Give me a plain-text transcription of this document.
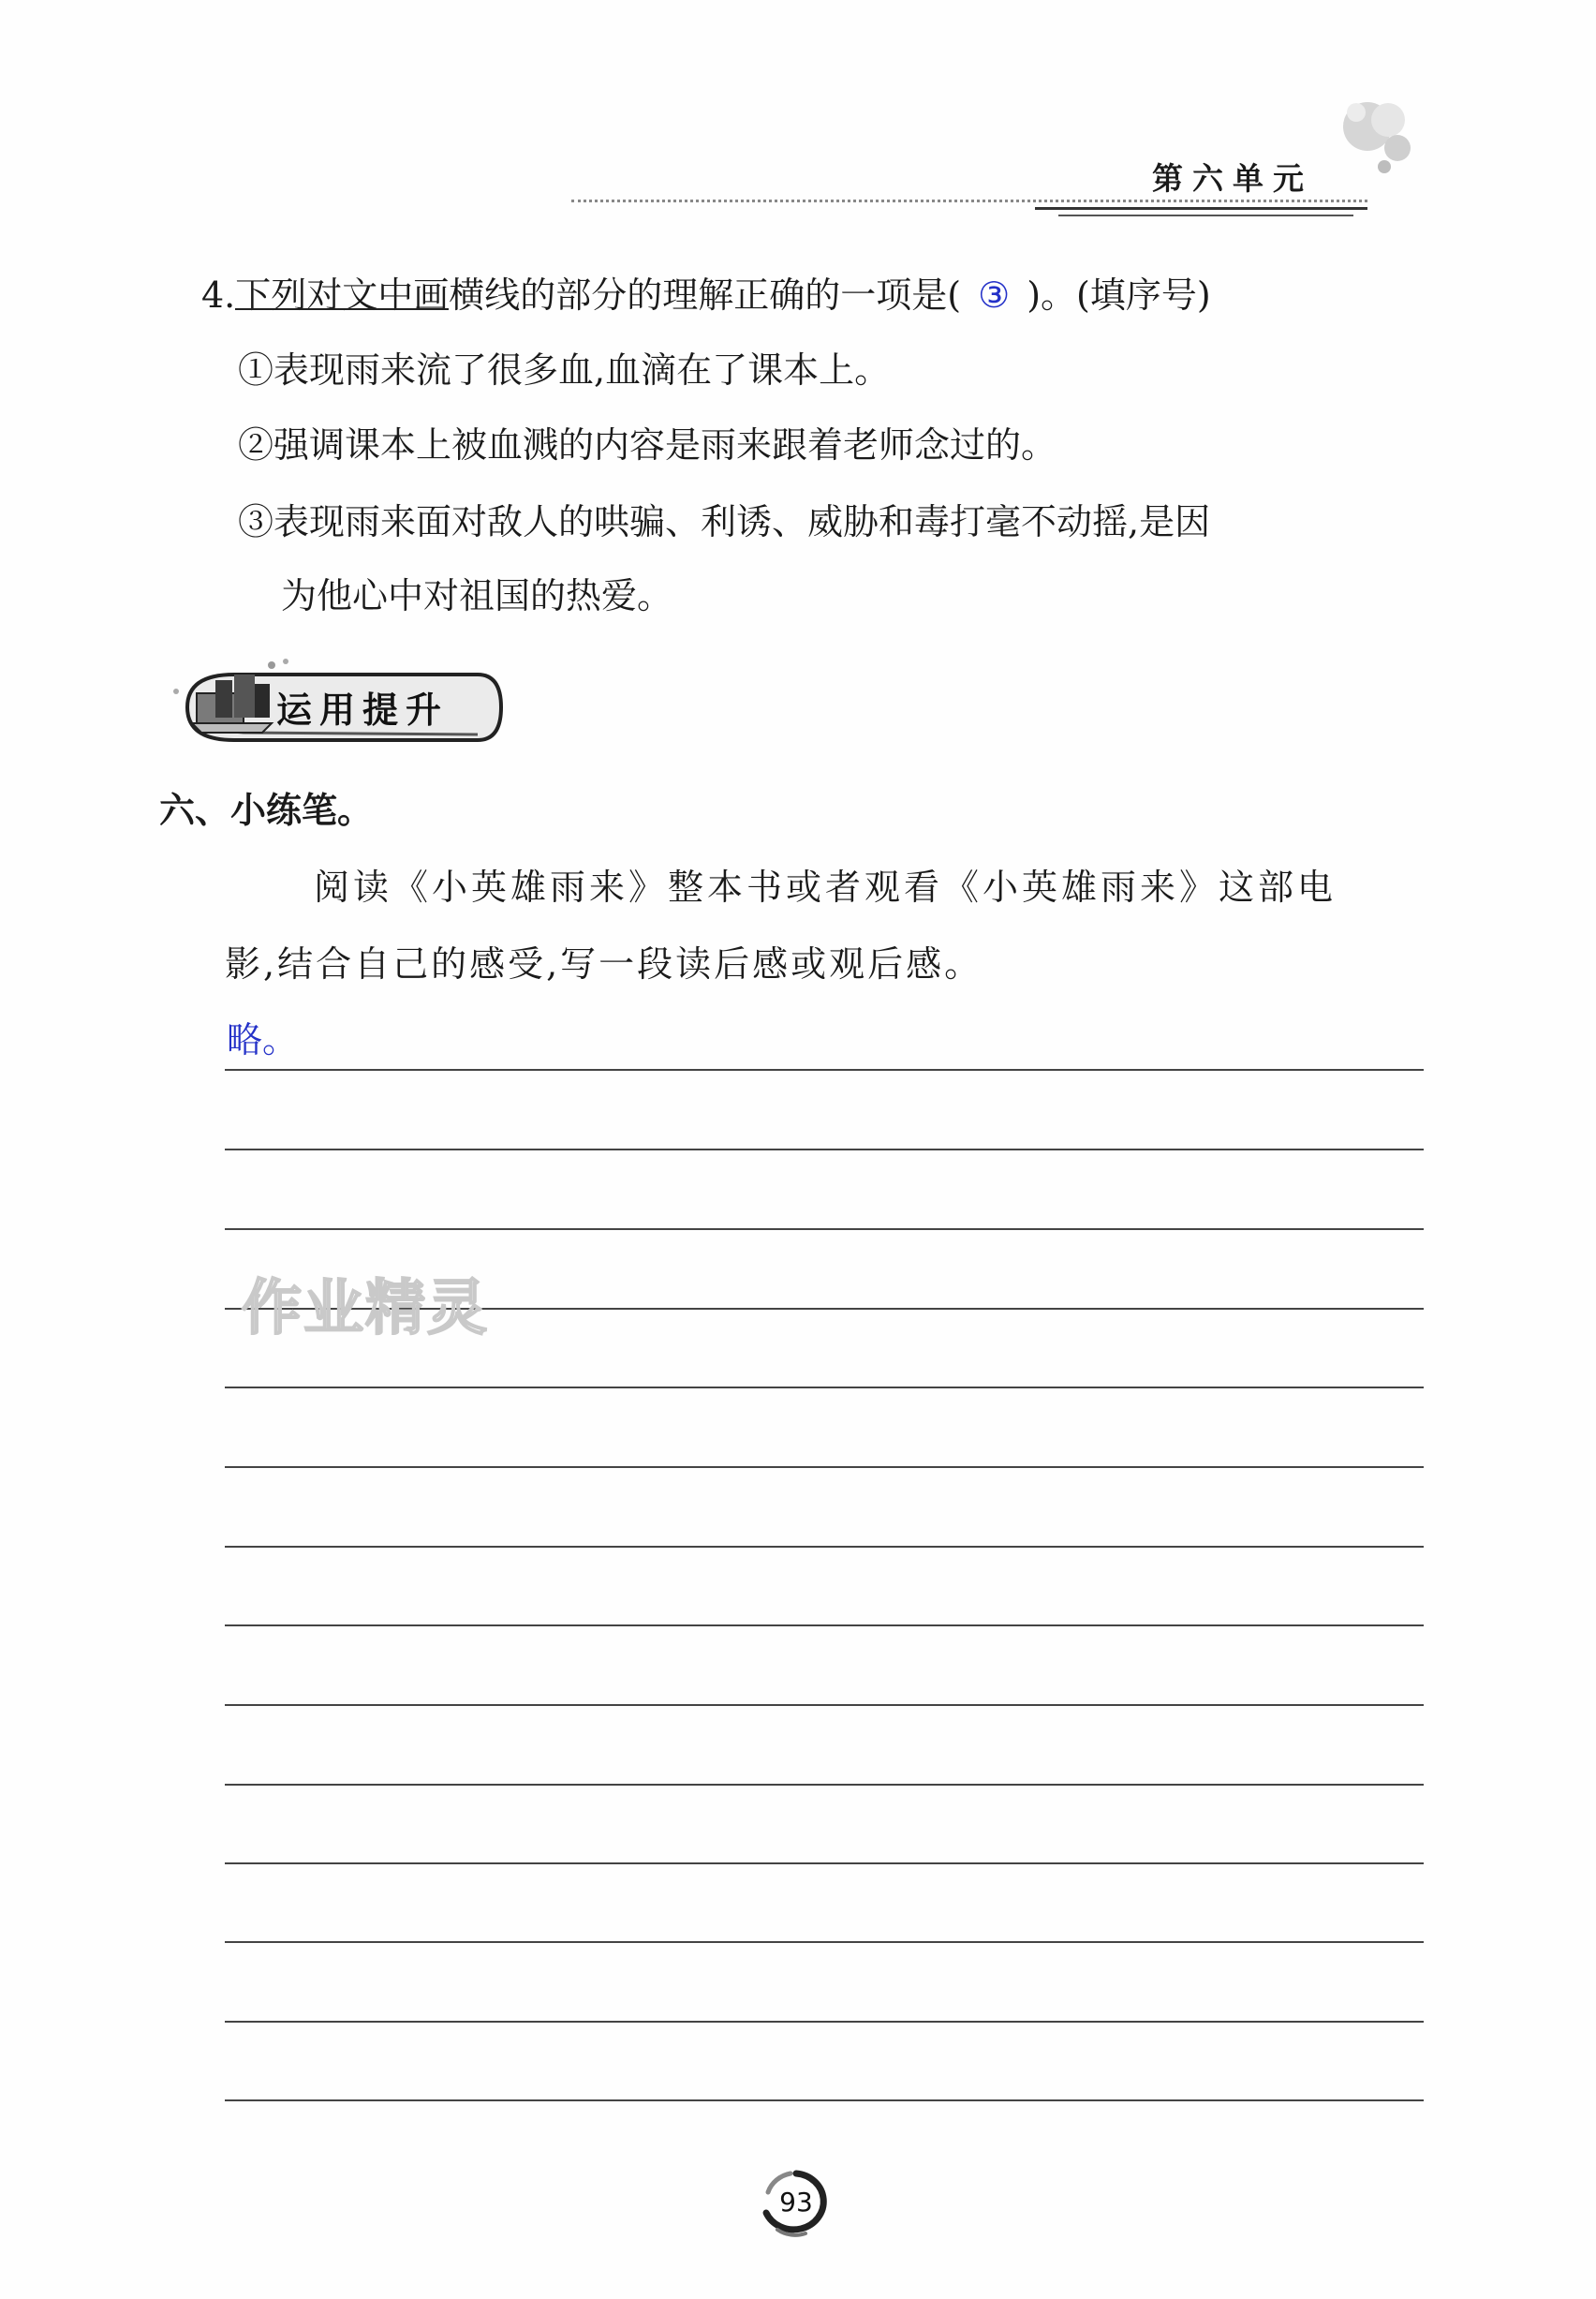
第六单元
4.下列对文中画横线的部分的理解正确的一项是( ③ )。(填序号)
①表现雨来流了很多血,血滴在了课本上。
②强调课本上被血溅的内容是雨来跟着老师念过的。
③表现雨来面对敌人的哄骗、利诱、威胁和毒打毫不动摇,是因
为他心中对祖国的热爱。
运用提升
六、小练笔。
阅读《小英雄雨来》整本书或者观看《小英雄雨来》这部电
影,结合自己的感受,写一段读后感或观后感。
略。
作业精灵
93
